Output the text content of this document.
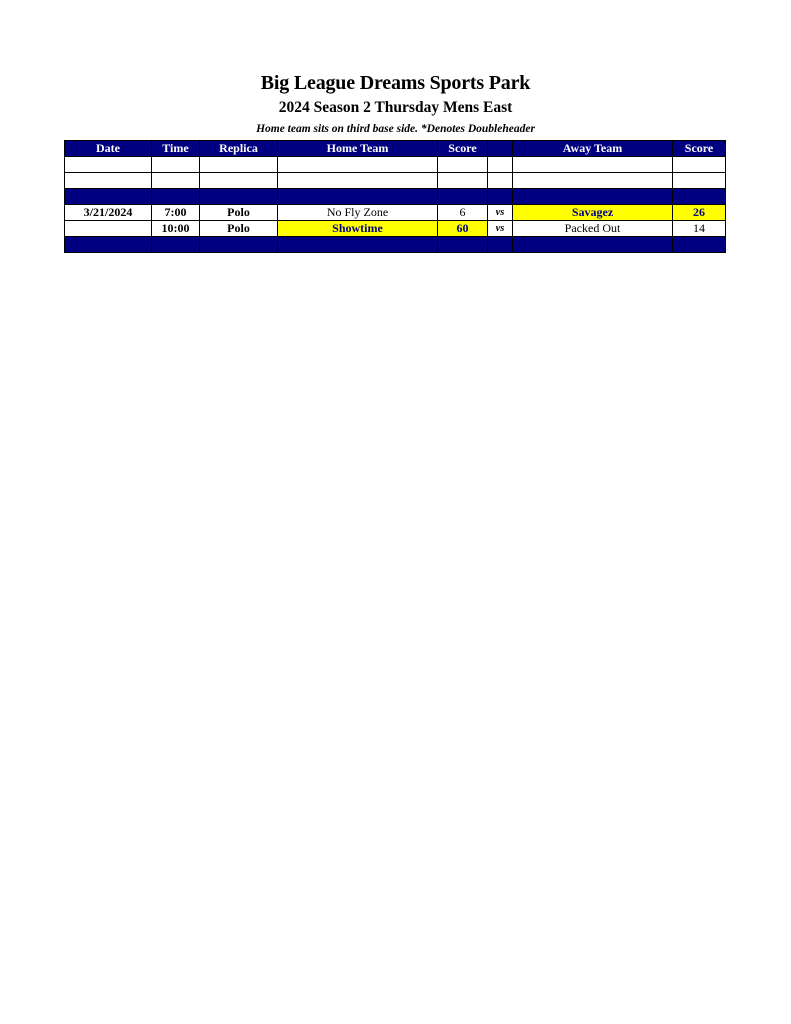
Big League Dreams Sports Park
2024 Season 2 Thursday Mens East
Home team sits on third base side. *Denotes Doubleheader
Date	Time	Replica	Home Team	Score		Away Team	Score

3/21/2024	7:00	Polo	No Fly Zone	6	vs	Savagez	26
	10:00	Polo	Showtime	60	vs	Packed Out	14
